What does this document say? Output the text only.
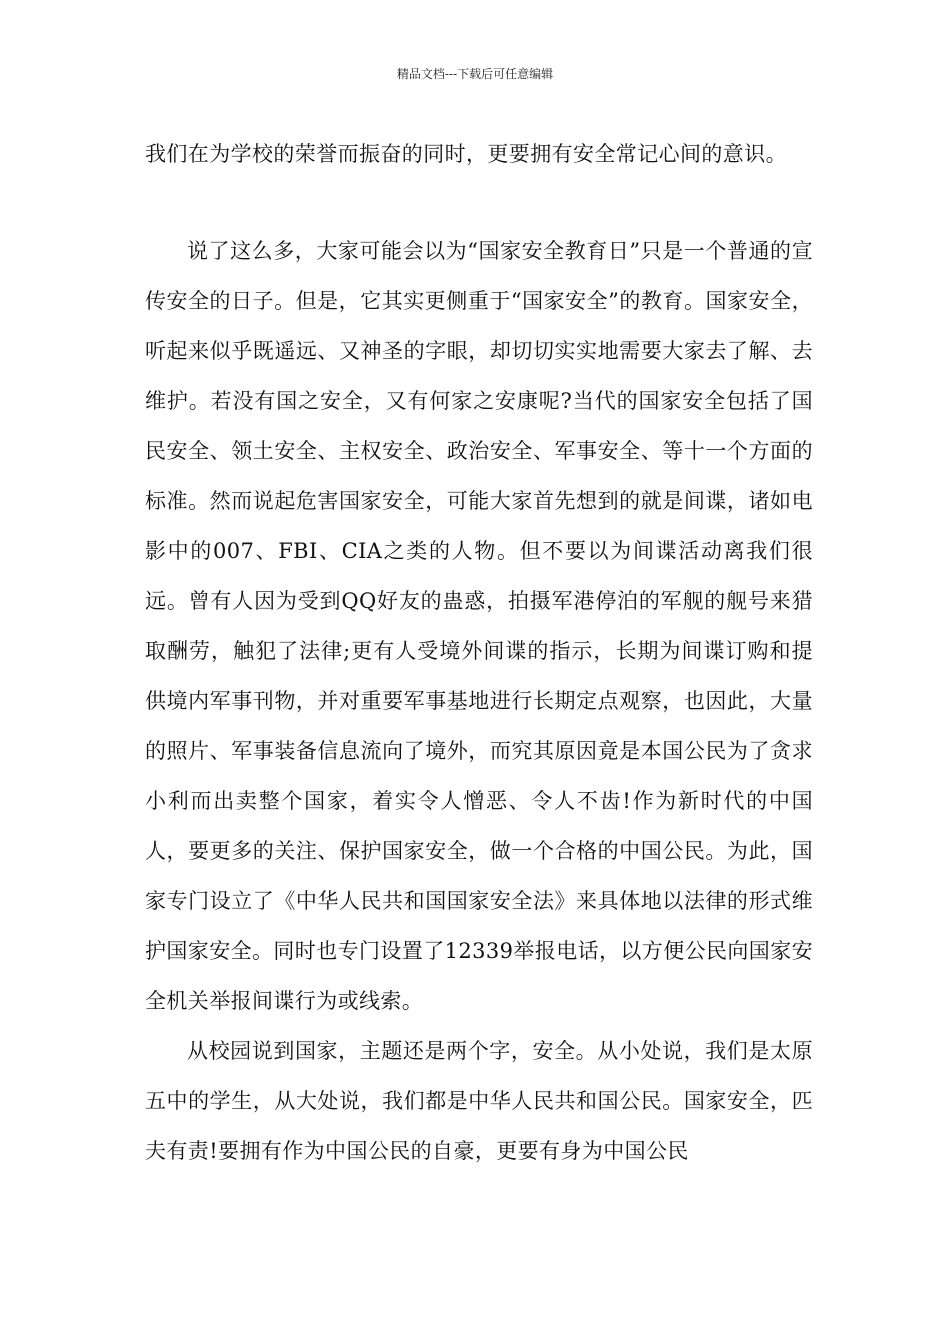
精品文档---下载后可任意编辑
我们在为学校的荣誉而振奋的同时，更要拥有安全常记心间的意识。

说了这么多，大家可能会以为“国家安全教育日”只是一个普通的宣传安全的日子。但是，它其实更侧重于“国家安全”的教育。国家安全，听起来似乎既遥远、又神圣的字眼，却切切实实地需要大家去了解、去维护。若没有国之安全，又有何家之安康呢?当代的国家安全包括了国民安全、领土安全、主权安全、政治安全、军事安全、等十一个方面的标准。然而说起危害国家安全，可能大家首先想到的就是间谍，诸如电影中的007、FBI、CIA之类的人物。但不要以为间谍活动离我们很远。曾有人因为受到QQ好友的蛊惑，拍摄军港停泊的军舰的舰号来猎取酬劳，触犯了法律;更有人受境外间谍的指示，长期为间谍订购和提供境内军事刊物，并对重要军事基地进行长期定点观察，也因此，大量的照片、军事装备信息流向了境外，而究其原因竟是本国公民为了贪求小利而出卖整个国家，着实令人憎恶、令人不齿!作为新时代的中国人，要更多的关注、保护国家安全，做一个合格的中国公民。为此，国家专门设立了《中华人民共和国国家安全法》来具体地以法律的形式维护国家安全。同时也专门设置了12339举报电话，以方便公民向国家安全机关举报间谍行为或线索。

从校园说到国家，主题还是两个字，安全。从小处说，我们是太原五中的学生，从大处说，我们都是中华人民共和国公民。国家安全，匹夫有责!要拥有作为中国公民的自豪，更要有身为中国公民
